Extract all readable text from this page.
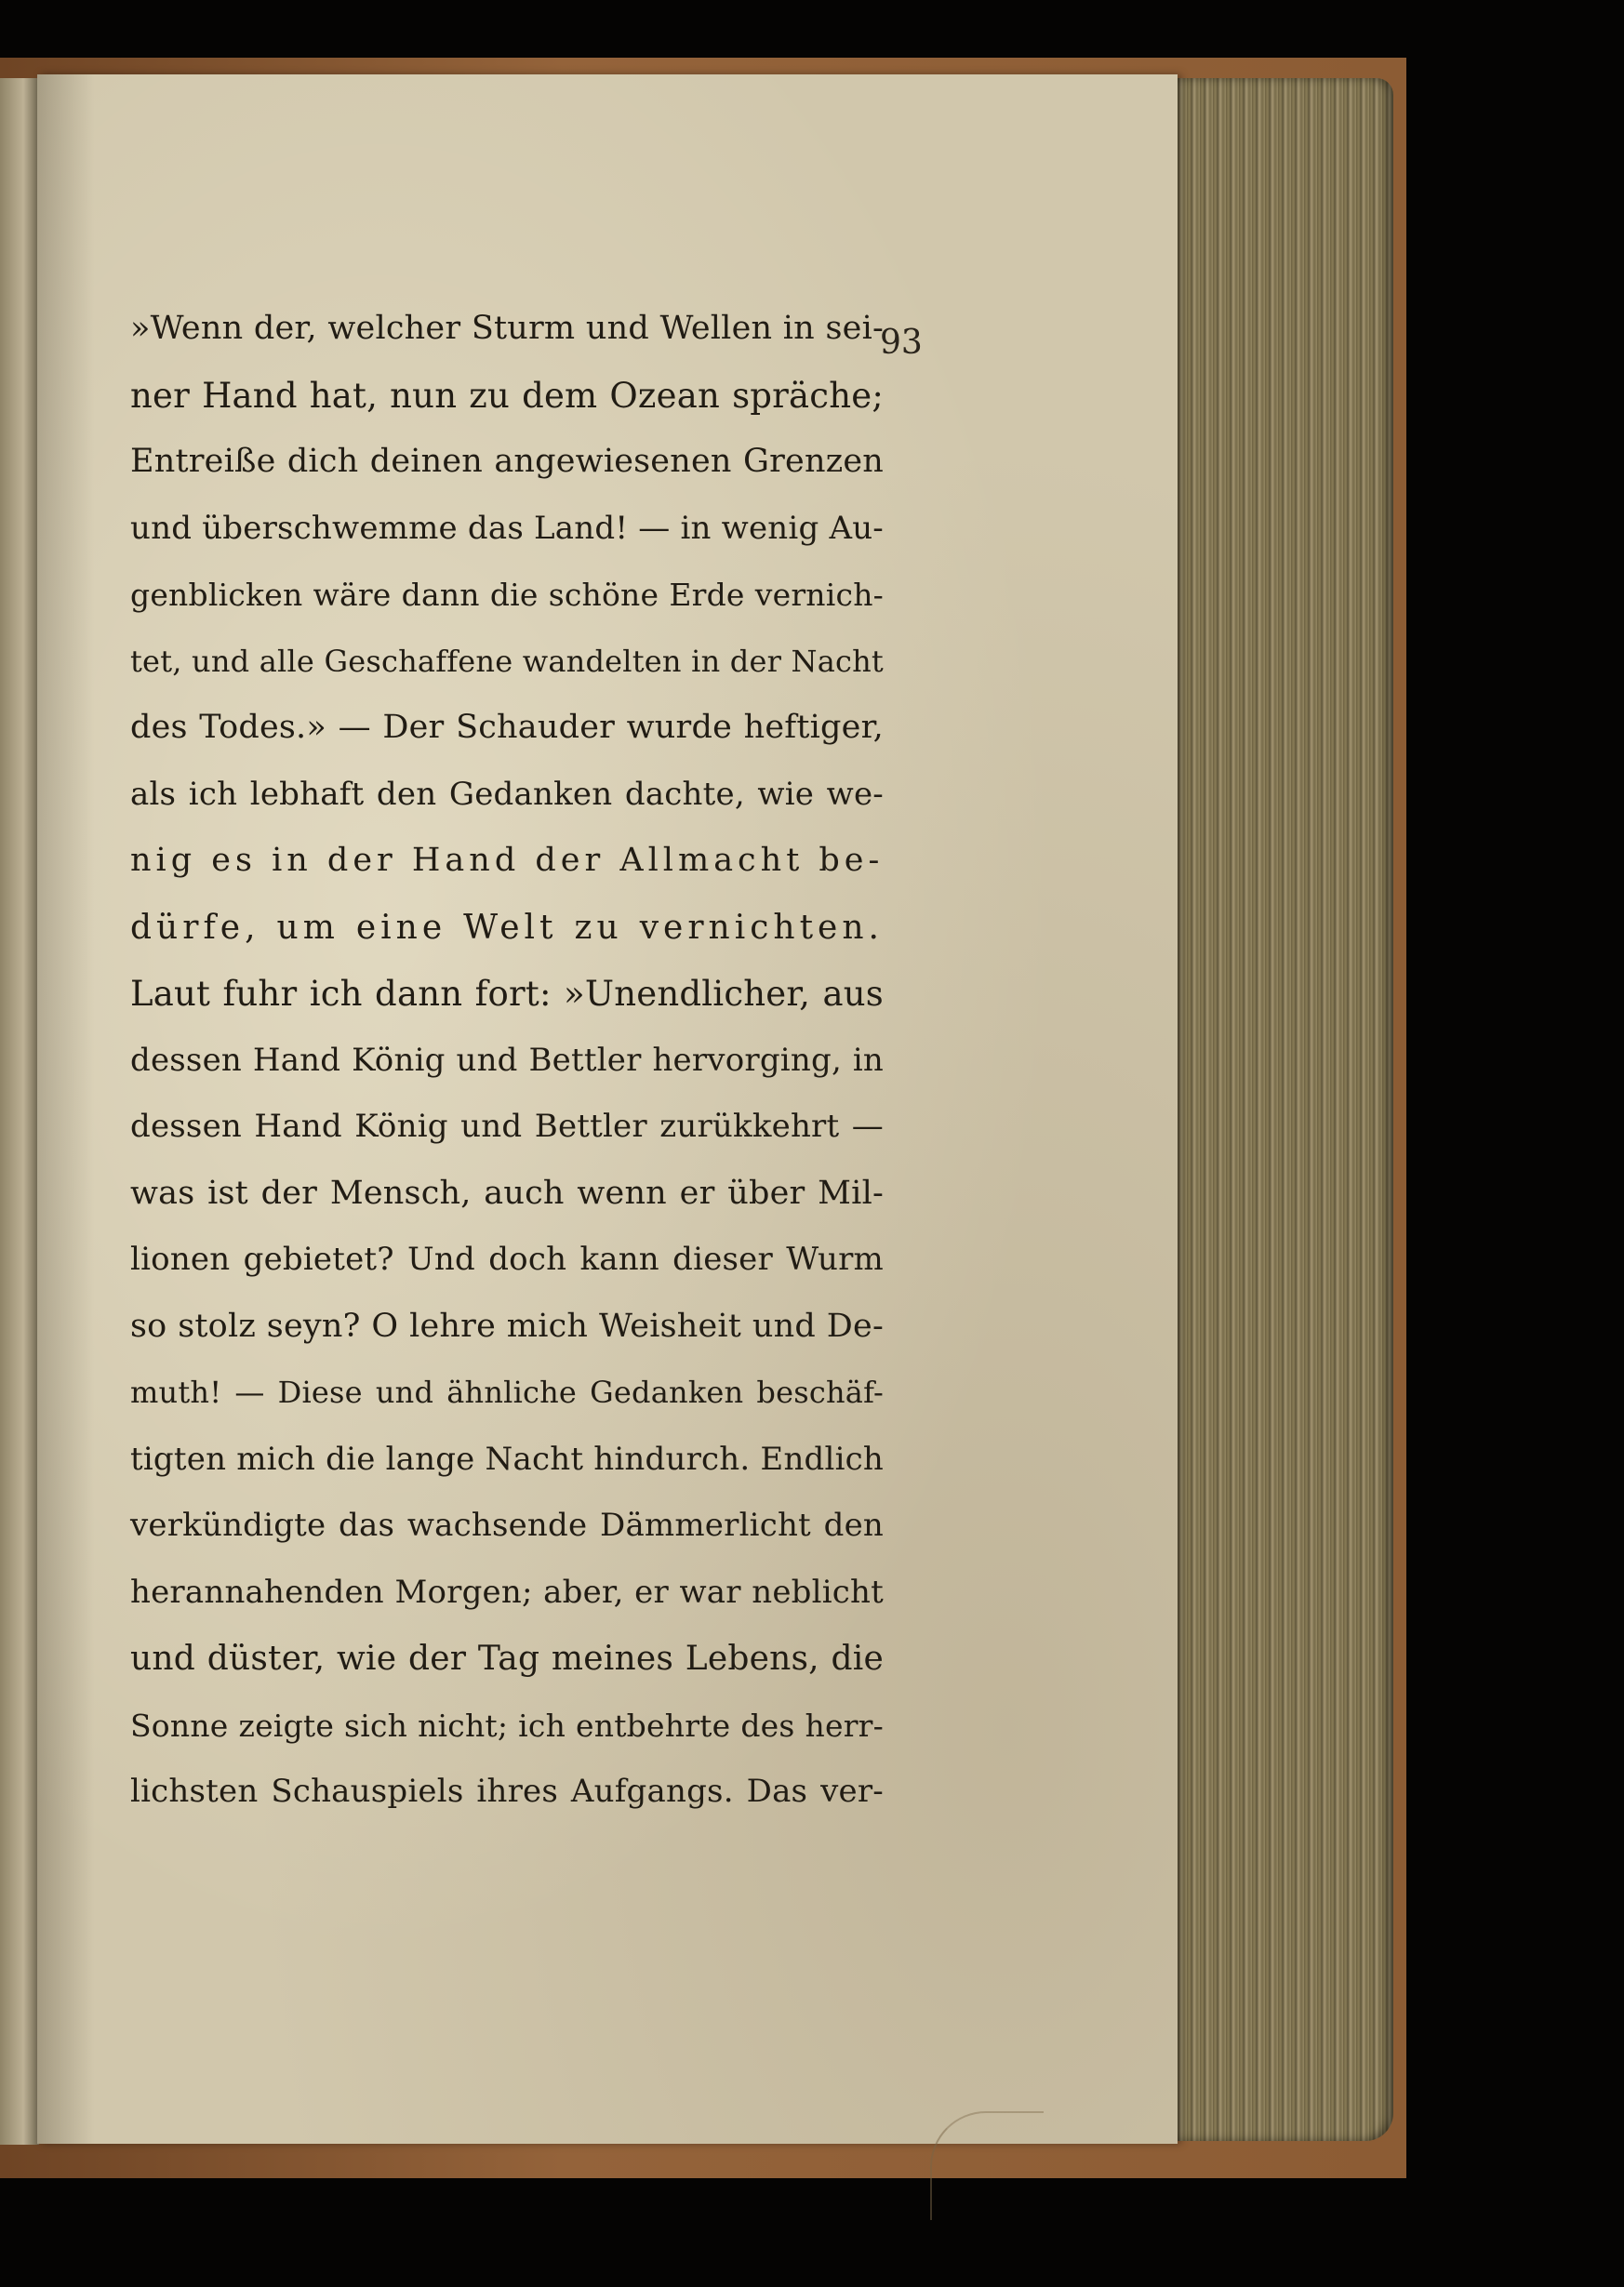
93
»Wenn der, welcher Sturm und Wellen in sei-
ner Hand hat, nun zu dem Ozean spräche;
Entreiße dich deinen angewiesenen Grenzen
und überschwemme das Land! — in wenig Au-
genblicken wäre dann die schöne Erde vernich-
tet, und alle Geschaffene wandelten in der Nacht
des Todes.» — Der Schauder wurde heftiger,
als ich lebhaft den Gedanken dachte, wie we-
nig es in der Hand der Allmacht be-
dürfe, um eine Welt zu vernichten.
Laut fuhr ich dann fort: »Unendlicher, aus
dessen Hand König und Bettler hervorging, in
dessen Hand König und Bettler zurükkehrt —
was ist der Mensch, auch wenn er über Mil-
lionen gebietet? Und doch kann dieser Wurm
so stolz seyn? O lehre mich Weisheit und De-
muth! — Diese und ähnliche Gedanken beschäf-
tigten mich die lange Nacht hindurch. Endlich
verkündigte das wachsende Dämmerlicht den
herannahenden Morgen; aber, er war neblicht
und düster, wie der Tag meines Lebens, die
Sonne zeigte sich nicht; ich entbehrte des herr-
lichsten Schauspiels ihres Aufgangs. Das ver-
